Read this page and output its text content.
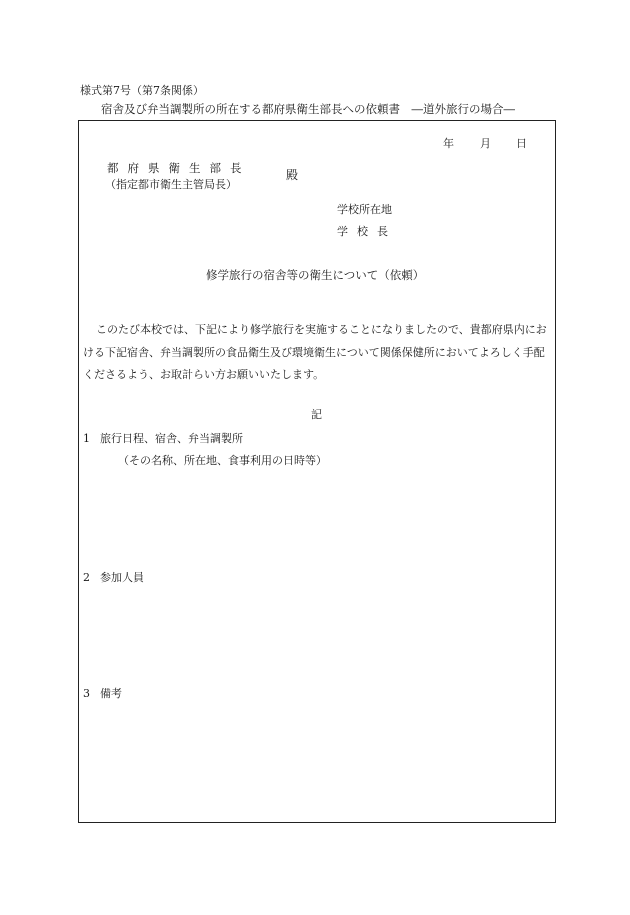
様式第7号（第7条関係）
宿舎及び弁当調製所の所在する都府県衛生部長への依頼書　―道外旅行の場合―
年 月 日
都府県衛生部長
（指定都市衛生主管局長）
殿
学校所在地
学校長
修学旅行の宿舎等の衛生について（依頼）
このたび本校では、下記により修学旅行を実施することになりましたので、貴都府県内における下記宿舎、弁当調製所の食品衛生及び環境衛生について関係保健所においてよろしく手配くださるよう、お取計らい方お願いいたします。
記
1 旅行日程、宿舎、弁当調製所
（その名称、所在地、食事利用の日時等）
2 参加人員
3 備考
